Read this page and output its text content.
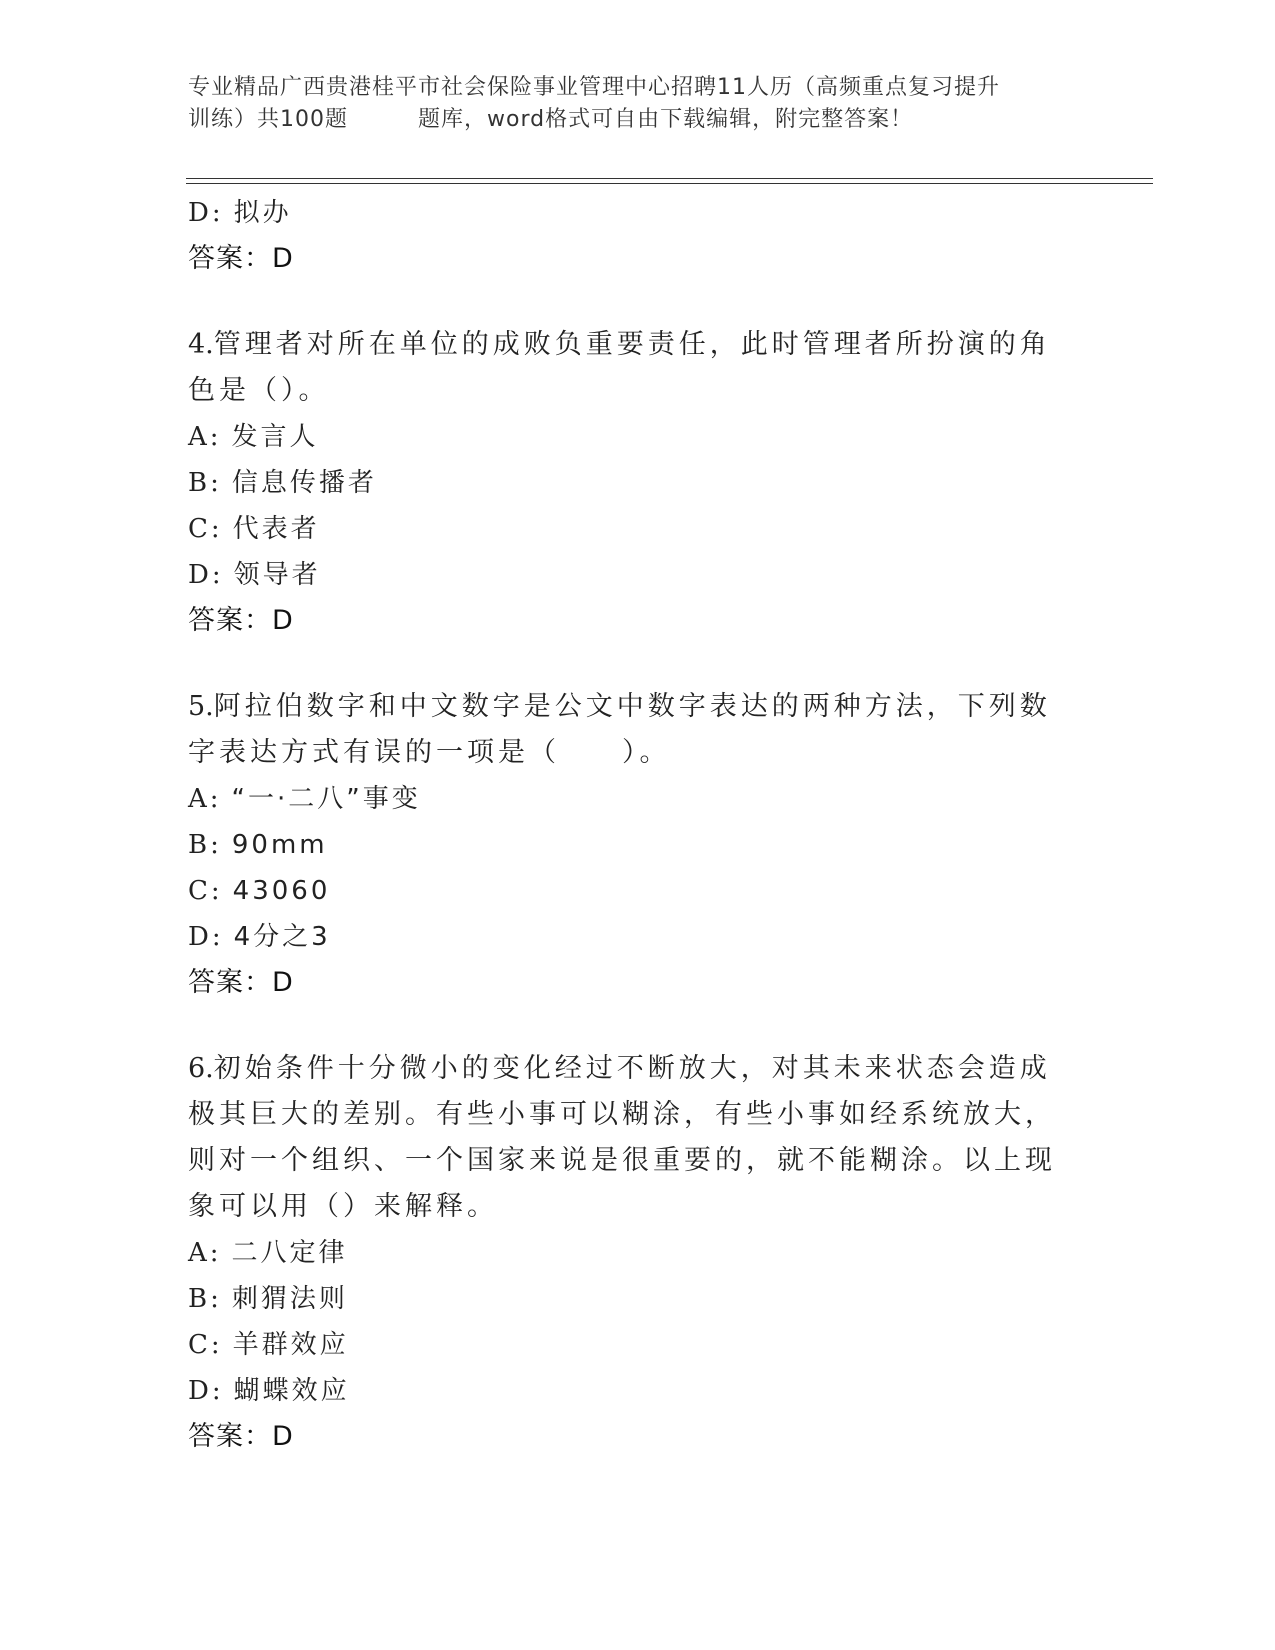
专业精品广西贵港桂平市社会保险事业管理中心招聘11人历（高频重点复习提升
训练）共100题	题库，word格式可自由下载编辑，附完整答案！
D: 拟办
答案：D
4.管理者对所在单位的成败负重要责任，此时管理者所扮演的角色是（）。
A: 发言人
B: 信息传播者
C: 代表者
D: 领导者
答案：D
5.阿拉伯数字和中文数字是公文中数字表达的两种方法，下列数字表达方式有误的一项是（　　）。
A: “一·二八”事变
B: 90mm
C: 43060
D: 4分之3
答案：D
6.初始条件十分微小的变化经过不断放大，对其未来状态会造成极其巨大的差别。有些小事可以糊涂，有些小事如经系统放大，则对一个组织、一个国家来说是很重要的，就不能糊涂。以上现象可以用（）来解释。
A: 二八定律
B: 刺猬法则
C: 羊群效应
D: 蝴蝶效应
答案：D
